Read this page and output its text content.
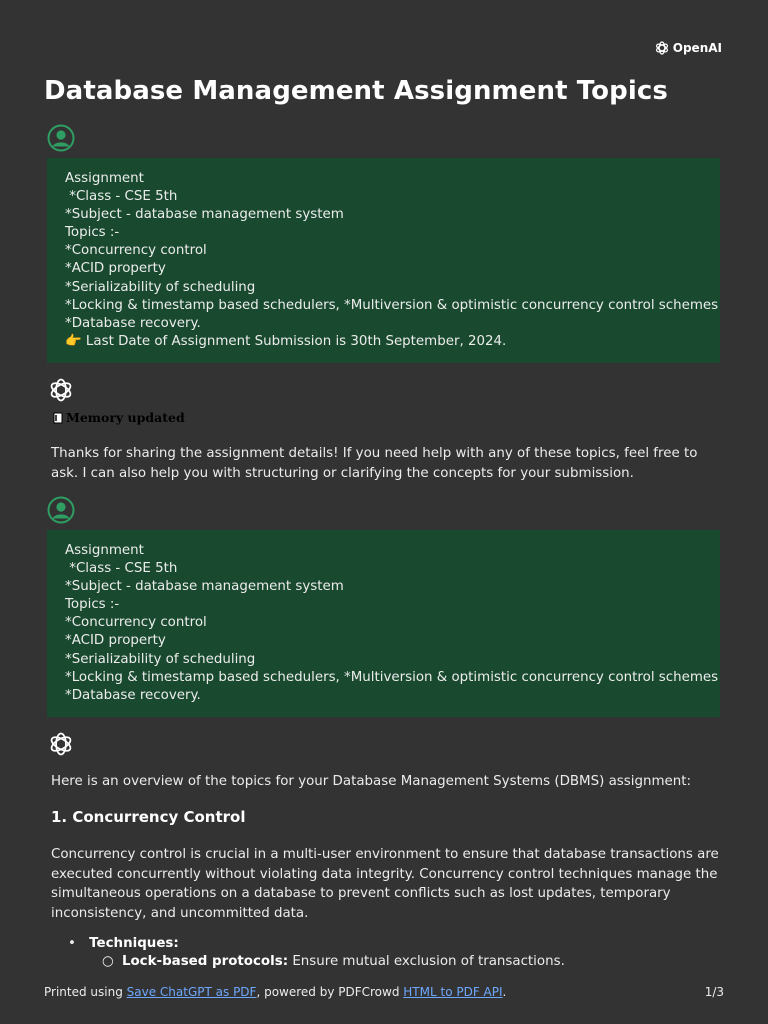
OpenAI
Database Management Assignment Topics
Assignment
*Class - CSE 5th
*Subject - database management system
Topics :-
*Concurrency control
*ACID property
*Serializability of scheduling
*Locking & timestamp based schedulers, *Multiversion & optimistic concurrency control schemes
*Database recovery.
👉 Last Date of Assignment Submission is 30th September, 2024.
Memory updated

Thanks for sharing the assignment details! If you need help with any of these topics, feel free to ask. I can also help you with structuring or clarifying the concepts for your submission.

Assignment
*Class - CSE 5th
*Subject - database management system
Topics :-
*Concurrency control
*ACID property
*Serializability of scheduling
*Locking & timestamp based schedulers, *Multiversion & optimistic concurrency control schemes
*Database recovery.

Here is an overview of the topics for your Database Management Systems (DBMS) assignment:

1. Concurrency Control

Concurrency control is crucial in a multi-user environment to ensure that database transactions are executed concurrently without violating data integrity. Concurrency control techniques manage the simultaneous operations on a database to prevent conflicts such as lost updates, temporary inconsistency, and uncommitted data.

• Techniques:
○ Lock-based protocols: Ensure mutual exclusion of transactions.
Printed using Save ChatGPT as PDF, powered by PDFCrowd HTML to PDF API.	1/3
